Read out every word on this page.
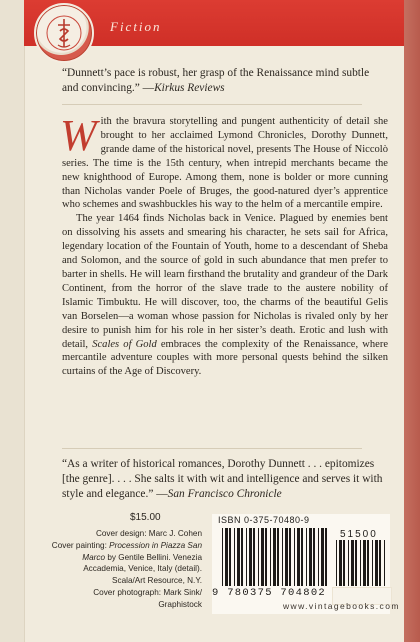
Fiction
“Dunnett’s pace is robust, her grasp of the Renaissance mind subtle and convincing.” —Kirkus Reviews

With the bravura storytelling and pungent authenticity of detail she brought to her acclaimed Lymond Chronicles, Dorothy Dunnett, grande dame of the historical novel, presents The House of Niccolò series. The time is the 15th century, when intrepid merchants became the new knighthood of Europe. Among them, none is bolder or more cunning than Nicholas vander Poele of Bruges, the good-natured dyer’s apprentice who schemes and swashbuckles his way to the helm of a mercantile empire.

The year 1464 finds Nicholas back in Venice. Plagued by enemies bent on dissolving his assets and smearing his character, he sets sail for Africa, legendary location of the Fountain of Youth, home to a descendant of Sheba and Solomon, and the source of gold in such abundance that men prefer to barter in shells. He will learn firsthand the brutality and grandeur of the Dark Continent, from the horror of the slave trade to the austere nobility of Islamic Timbuktu. He will discover, too, the charms of the beautiful Gelis van Borselen—a woman whose passion for Nicholas is rivaled only by her desire to punish him for his role in her sister’s death. Erotic and lush with detail, Scales of Gold embraces the complexity of the Renaissance, where mercantile adventure couples with more personal quests behind the silken curtains of the Age of Discovery.

“As a writer of historical romances, Dorothy Dunnett . . . epitomizes [the genre]. . . . She salts it with wit and intelligence and serves it with style and elegance.” —San Francisco Chronicle
$15.00
Cover design: Marc J. Cohen
Cover painting: Procession in Piazza San Marco by Gentile Bellini. Venezia Accademia, Venice, Italy (detail). Scala/Art Resource, N.Y.
Cover photograph: Mark Sink/ Graphistock
ISBN 0-375-70480-9
51500
9 780375 704802
www.vintagebooks.com
